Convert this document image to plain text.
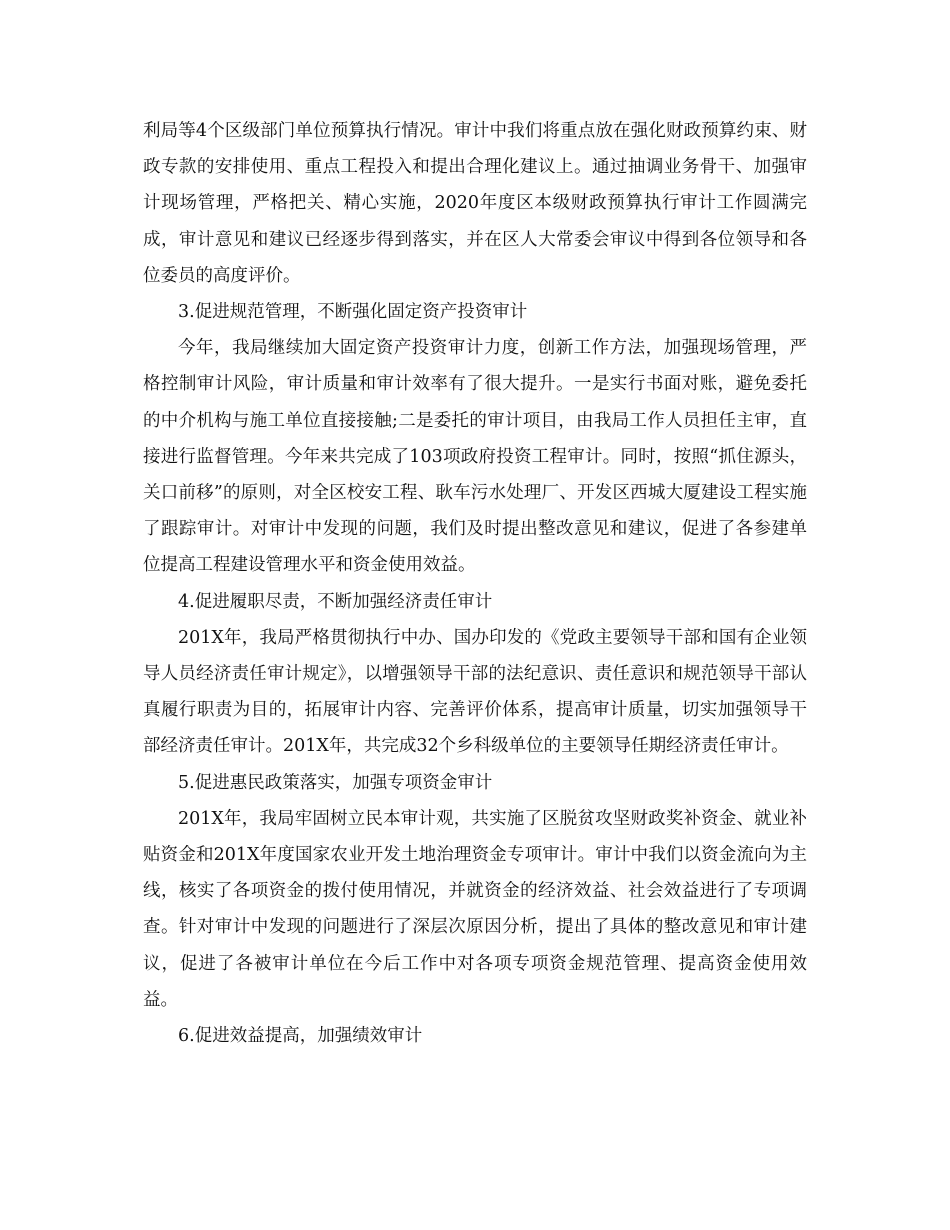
利局等4个区级部门单位预算执行情况。审计中我们将重点放在强化财政预算约束、财政专款的安排使用、重点工程投入和提出合理化建议上。通过抽调业务骨干、加强审计现场管理，严格把关、精心实施，2020年度区本级财政预算执行审计工作圆满完成，审计意见和建议已经逐步得到落实，并在区人大常委会审议中得到各位领导和各位委员的高度评价。

3.促进规范管理，不断强化固定资产投资审计

今年，我局继续加大固定资产投资审计力度，创新工作方法，加强现场管理，严格控制审计风险，审计质量和审计效率有了很大提升。一是实行书面对账，避免委托的中介机构与施工单位直接接触;二是委托的审计项目，由我局工作人员担任主审，直接进行监督管理。今年来共完成了103项政府投资工程审计。同时，按照“抓住源头，关口前移”的原则，对全区校安工程、耿车污水处理厂、开发区西城大厦建设工程实施了跟踪审计。对审计中发现的问题，我们及时提出整改意见和建议，促进了各参建单位提高工程建设管理水平和资金使用效益。

4.促进履职尽责，不断加强经济责任审计

201X年，我局严格贯彻执行中办、国办印发的《党政主要领导干部和国有企业领导人员经济责任审计规定》，以增强领导干部的法纪意识、责任意识和规范领导干部认真履行职责为目的，拓展审计内容、完善评价体系，提高审计质量，切实加强领导干部经济责任审计。201X年，共完成32个乡科级单位的主要领导任期经济责任审计。

5.促进惠民政策落实，加强专项资金审计

201X年，我局牢固树立民本审计观，共实施了区脱贫攻坚财政奖补资金、就业补贴资金和201X年度国家农业开发土地治理资金专项审计。审计中我们以资金流向为主线，核实了各项资金的拨付使用情况，并就资金的经济效益、社会效益进行了专项调查。针对审计中发现的问题进行了深层次原因分析，提出了具体的整改意见和审计建议，促进了各被审计单位在今后工作中对各项专项资金规范管理、提高资金使用效益。

6.促进效益提高，加强绩效审计
